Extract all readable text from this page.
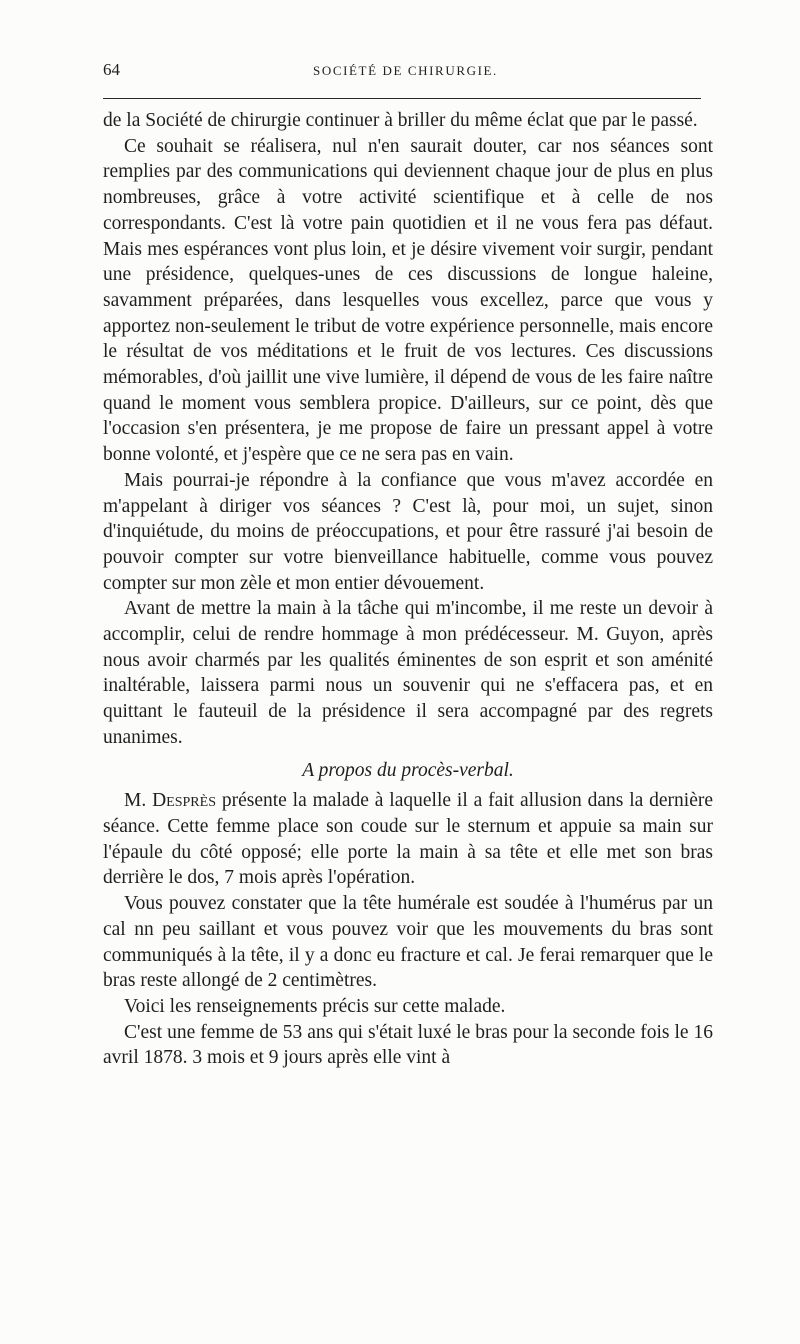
64	SOCIÉTÉ DE CHIRURGIE.

de la Société de chirurgie continuer à briller du même éclat que par le passé.

Ce souhait se réalisera, nul n'en saurait douter, car nos séances sont remplies par des communications qui deviennent chaque jour de plus en plus nombreuses, grâce à votre activité scientifique et à celle de nos correspondants. C'est là votre pain quotidien et il ne vous fera pas défaut. Mais mes espérances vont plus loin, et je désire vivement voir surgir, pendant une présidence, quelques-unes de ces discussions de longue haleine, savamment préparées, dans lesquelles vous excellez, parce que vous y apportez non-seulement le tribut de votre expérience personnelle, mais encore le résultat de vos méditations et le fruit de vos lectures. Ces discussions mémorables, d'où jaillit une vive lumière, il dépend de vous de les faire naître quand le moment vous semblera propice. D'ailleurs, sur ce point, dès que l'occasion s'en présentera, je me propose de faire un pressant appel à votre bonne volonté, et j'espère que ce ne sera pas en vain.

Mais pourrai-je répondre à la confiance que vous m'avez accordée en m'appelant à diriger vos séances ? C'est là, pour moi, un sujet, sinon d'inquiétude, du moins de préoccupations, et pour être rassuré j'ai besoin de pouvoir compter sur votre bienveillance habituelle, comme vous pouvez compter sur mon zèle et mon entier dévouement.

Avant de mettre la main à la tâche qui m'incombe, il me reste un devoir à accomplir, celui de rendre hommage à mon prédécesseur. M. Guyon, après nous avoir charmés par les qualités éminentes de son esprit et son aménité inaltérable, laissera parmi nous un souvenir qui ne s'effacera pas, et en quittant le fauteuil de la présidence il sera accompagné par des regrets unanimes.

A propos du procès-verbal.

M. Desprès présente la malade à laquelle il a fait allusion dans la dernière séance. Cette femme place son coude sur le sternum et appuie sa main sur l'épaule du côté opposé; elle porte la main à sa tête et elle met son bras derrière le dos, 7 mois après l'opération.

Vous pouvez constater que la tête humérale est soudée à l'humérus par un cal nn peu saillant et vous pouvez voir que les mouvements du bras sont communiqués à la tête, il y a donc eu fracture et cal. Je ferai remarquer que le bras reste allongé de 2 centimètres.

Voici les renseignements précis sur cette malade.

C'est une femme de 53 ans qui s'était luxé le bras pour la seconde fois le 16 avril 1878. 3 mois et 9 jours après elle vint à
